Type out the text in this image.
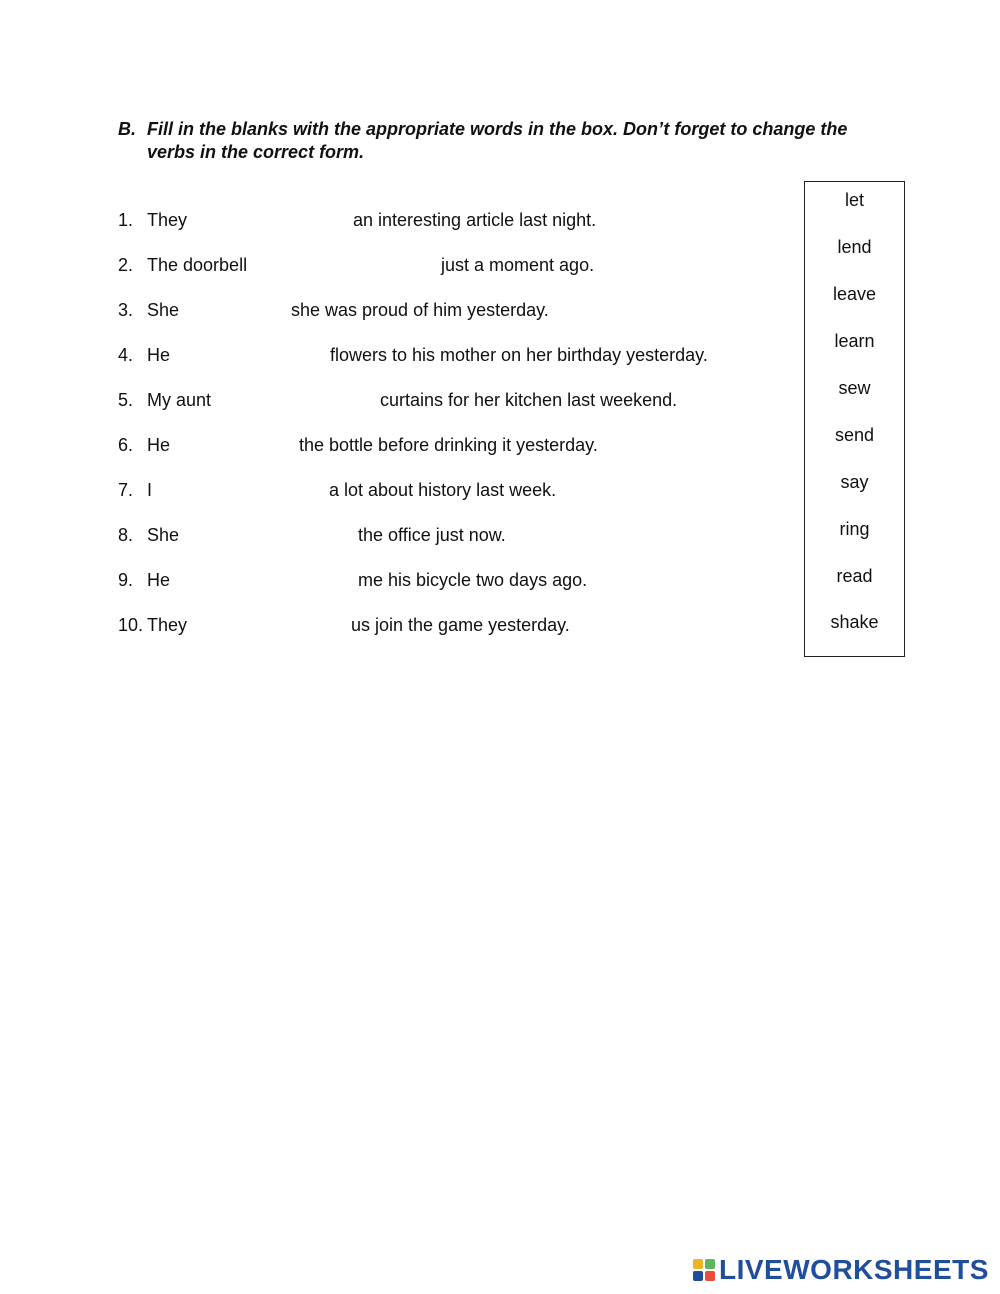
B. Fill in the blanks with the appropriate words in the box. Don’t forget to change the verbs in the correct form.
1. They	an interesting article last night.
2. The doorbell	just a moment ago.
3. She	she was proud of him yesterday.
4. He	flowers to his mother on her birthday yesterday.
5. My aunt	curtains for her kitchen last weekend.
6. He	the bottle before drinking it yesterday.
7. I	a lot about history last week.
8. She	the office just now.
9. He	me his bicycle two days ago.
10. They	us join the game yesterday.
let
lend
leave
learn
sew
send
say
ring
read
shake
LIVEWORKSHEETS
